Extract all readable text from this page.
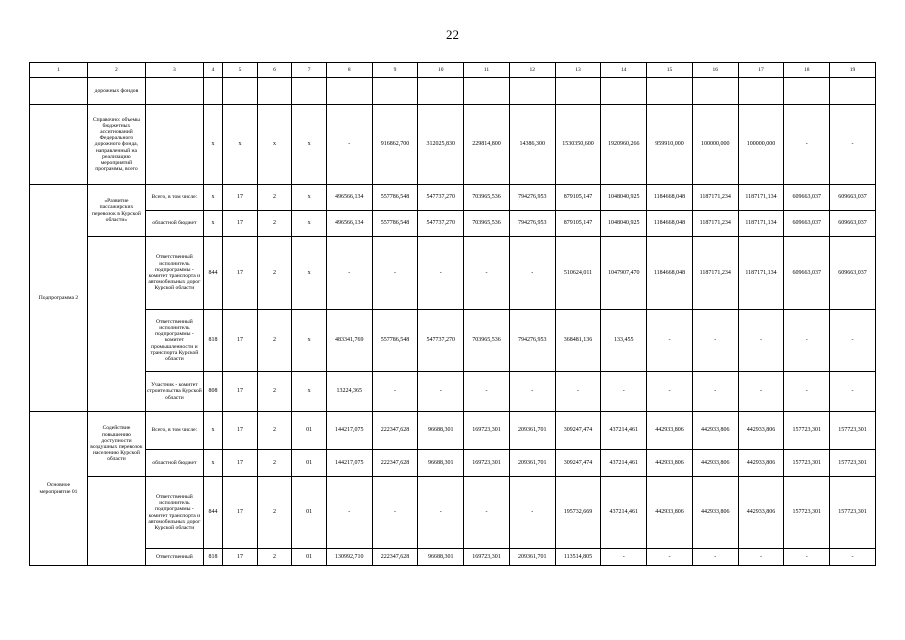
22
1	2	3	4	5	6	7	8	9	10	11	12	13	14	15	16	17	18	19
	дорожных фондов																	
	Справочно: объемы бюджетных ассигнований Федерального дорожного фонда, направленный на реализацию мероприятий программы, всего		x	x	x	x	-	916862,700	312025,830	229814,800	14386,300	1530350,600	1920960,266	959910,000	100000,000	100000,000	-	-
Подпрограмма 2	«Развитие пассажирских перевозок в Курской области»	Всего, в том числе:	x	17	2	x	496566,134	557786,548	547737,270	703965,536	794276,953	879105,147	1048040,925	1184668,048	1187171,234	1187171,134	609663,037	609663,037
		областной бюджет	x	17	2	x	496566,134	557786,548	547737,270	703965,536	794276,953	879105,147	1048040,925	1184668,048	1187171,234	1187171,134	609663,037	609663,037
		Ответственный исполнитель подпрограммы - комитет транспорта и автомобильных дорог Курской области	844	17	2	x	-	-	-	-	-	510624,011	1047907,470	1184668,048	1187171,234	1187171,134	609663,037	609663,037
		Ответственный исполнитель подпрограммы - комитет промышленности и транспорта Курской области	818	17	2	x	483341,769	557786,548	547737,270	703965,536	794276,953	368481,136	133,455	-	-	-	-	-
		Участник - комитет строительства Курской области	808	17	2	x	13224,365	-	-	-	-	-	-	-	-	-	-	-
Основное мероприятие 01	Содействие повышению доступности воздушных перевозок населению Курской области	Всего, в том числе:	x	17	2	01	144217,075	222347,628	96688,301	169723,301	209361,701	309247,474	437214,461	442933,806	442933,806	442933,806	157723,301	157723,301
		областной бюджет	x	17	2	01	144217,075	222347,628	96688,301	169723,301	209361,701	309247,474	437214,461	442933,806	442933,806	442933,806	157723,301	157723,301
		Ответственный исполнитель подпрограммы - комитет транспорта и автомобильных дорог Курской области	844	17	2	01	-	-	-	-	-	195732,669	437214,461	442933,806	442933,806	442933,806	157723,301	157723,301
		Ответственный	818	17	2	01	130992,710	222347,628	96688,301	169723,301	209361,701	113514,805	-	-	-	-	-	-
